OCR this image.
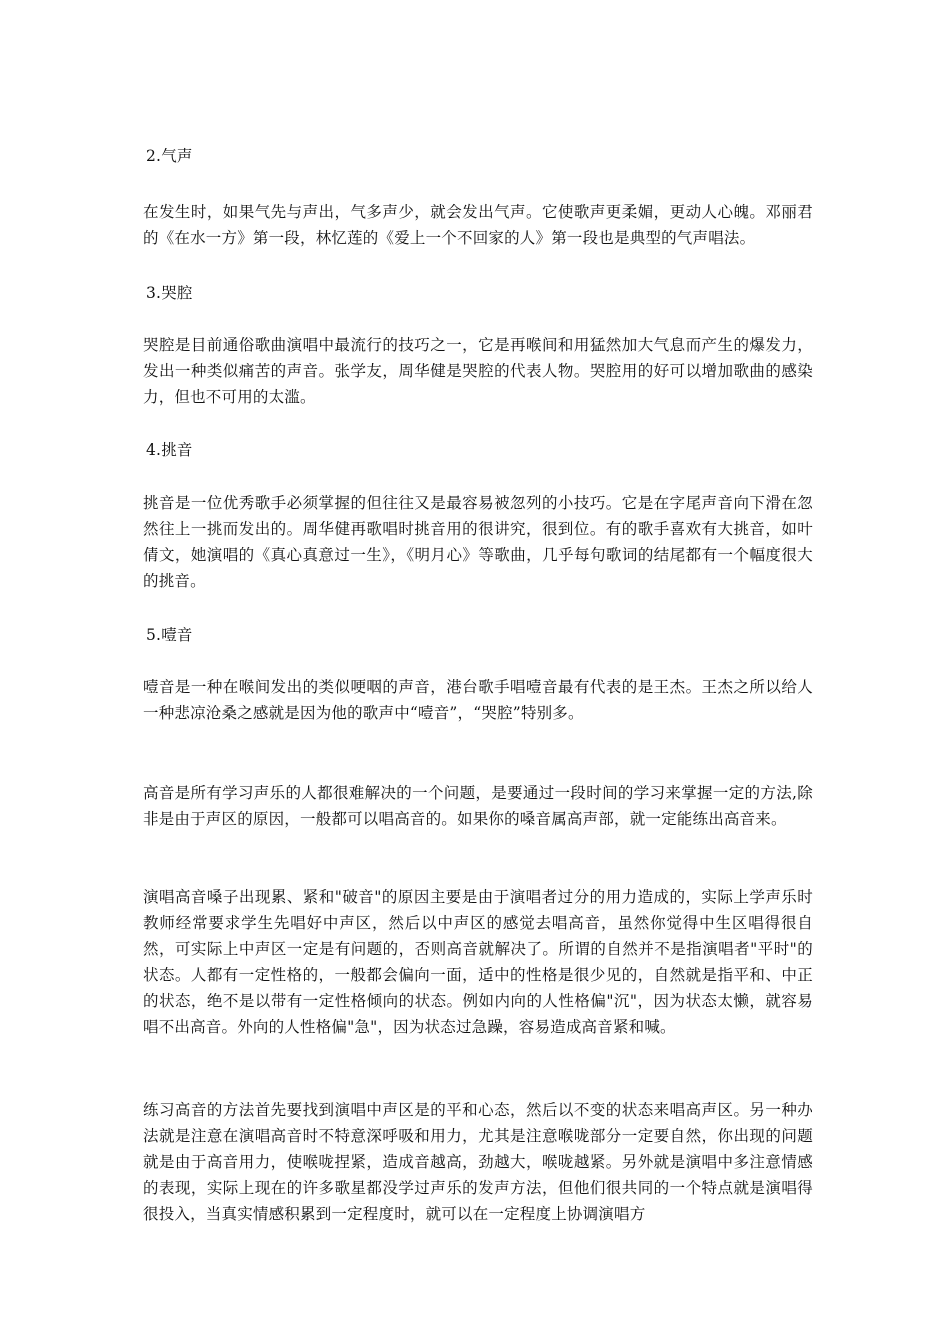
2.气声

在发生时，如果气先与声出，气多声少，就会发出气声。它使歌声更柔媚，更动人心魄。邓丽君的《在水一方》第一段，林忆莲的《爱上一个不回家的人》第一段也是典型的气声唱法。

3.哭腔

哭腔是目前通俗歌曲演唱中最流行的技巧之一，它是再喉间和用猛然加大气息而产生的爆发力，发出一种类似痛苦的声音。张学友，周华健是哭腔的代表人物。哭腔用的好可以增加歌曲的感染力，但也不可用的太滥。

4.挑音

挑音是一位优秀歌手必须掌握的但往往又是最容易被忽列的小技巧。它是在字尾声音向下滑在忽然往上一挑而发出的。周华健再歌唱时挑音用的很讲究，很到位。有的歌手喜欢有大挑音，如叶倩文，她演唱的《真心真意过一生》，《明月心》等歌曲，几乎每句歌词的结尾都有一个幅度很大的挑音。

5.噎音

噎音是一种在喉间发出的类似哽咽的声音，港台歌手唱噎音最有代表的是王杰。王杰之所以给人一种悲凉沧桑之感就是因为他的歌声中“噎音”，“哭腔”特别多。

高音是所有学习声乐的人都很难解决的一个问题，是要通过一段时间的学习来掌握一定的方法,除非是由于声区的原因，一般都可以唱高音的。如果你的嗓音属高声部，就一定能练出高音来。

演唱高音嗓子出现累、紧和"破音"的原因主要是由于演唱者过分的用力造成的，实际上学声乐时教师经常要求学生先唱好中声区，然后以中声区的感觉去唱高音，虽然你觉得中生区唱得很自然，可实际上中声区一定是有问题的，否则高音就解决了。所谓的自然并不是指演唱者"平时"的状态。人都有一定性格的，一般都会偏向一面，适中的性格是很少见的，自然就是指平和、中正的状态，绝不是以带有一定性格倾向的状态。例如内向的人性格偏"沉"，因为状态太懒，就容易唱不出高音。外向的人性格偏"急"，因为状态过急躁，容易造成高音紧和喊。

练习高音的方法首先要找到演唱中声区是的平和心态，然后以不变的状态来唱高声区。另一种办法就是注意在演唱高音时不特意深呼吸和用力，尤其是注意喉咙部分一定要自然，你出现的问题就是由于高音用力，使喉咙捏紧，造成音越高，劲越大，喉咙越紧。另外就是演唱中多注意情感的表现，实际上现在的许多歌星都没学过声乐的发声方法，但他们很共同的一个特点就是演唱得很投入，当真实情感积累到一定程度时，就可以在一定程度上协调演唱方
